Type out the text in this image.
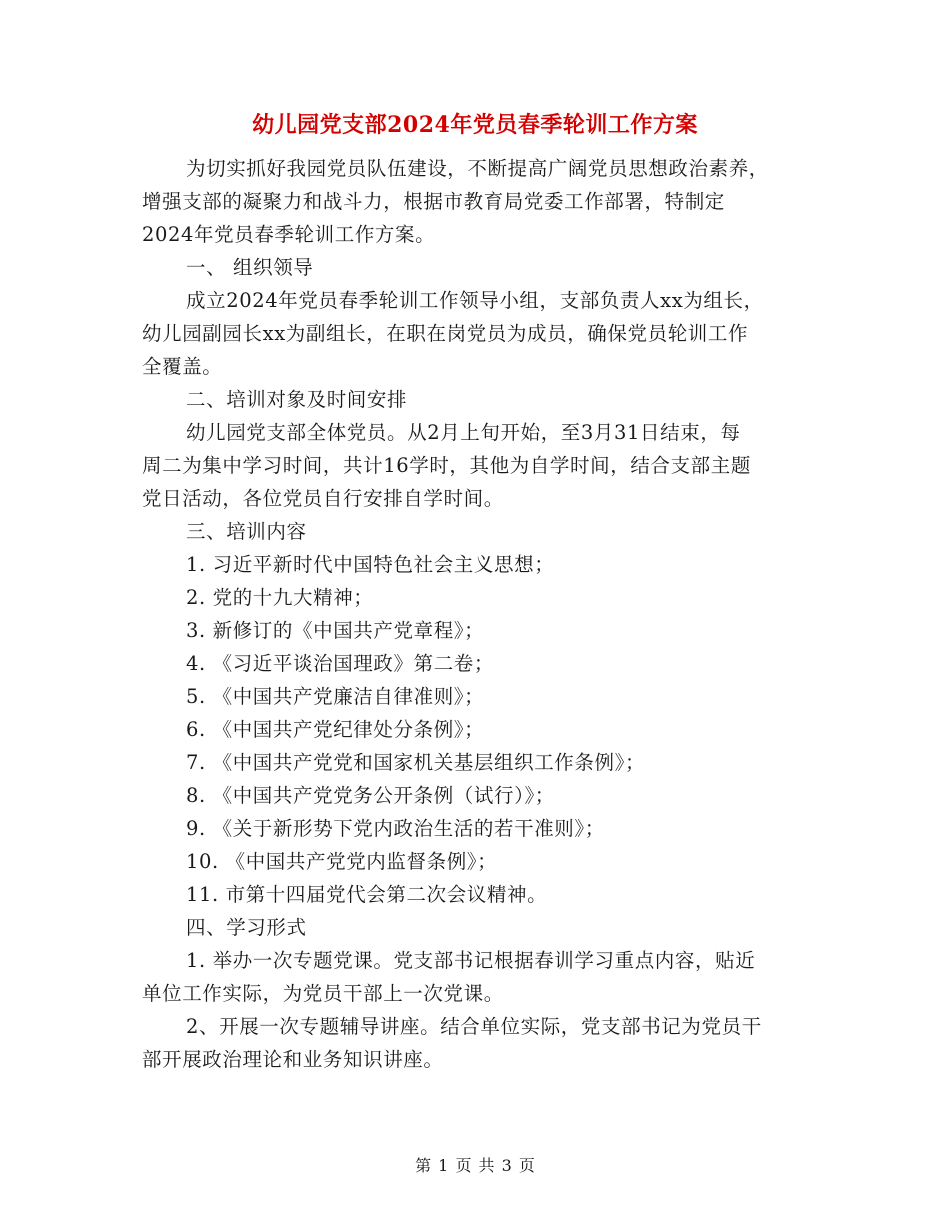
幼儿园党支部2024年党员春季轮训工作方案
为切实抓好我园党员队伍建设，不断提高广阔党员思想政治素养，
增强支部的凝聚力和战斗力，根据市教育局党委工作部署，特制定
2024年党员春季轮训工作方案。
一、 组织领导
成立2024年党员春季轮训工作领导小组，支部负责人xx为组长，
幼儿园副园长xx为副组长，在职在岗党员为成员，确保党员轮训工作
全覆盖。
二、培训对象及时间安排
幼儿园党支部全体党员。从2月上旬开始，至3月31日结束，每
周二为集中学习时间，共计16学时，其他为自学时间，结合支部主题
党日活动，各位党员自行安排自学时间。
三、培训内容
1. 习近平新时代中国特色社会主义思想；
2. 党的十九大精神；
3. 新修订的《中国共产党章程》；
4. 《习近平谈治国理政》第二卷；
5. 《中国共产党廉洁自律准则》；
6. 《中国共产党纪律处分条例》；
7. 《中国共产党党和国家机关基层组织工作条例》；
8. 《中国共产党党务公开条例（试行）》；
9. 《关于新形势下党内政治生活的若干准则》；
10. 《中国共产党党内监督条例》；
11. 市第十四届党代会第二次会议精神。
四、学习形式
1. 举办一次专题党课。党支部书记根据春训学习重点内容，贴近
单位工作实际，为党员干部上一次党课。
2、开展一次专题辅导讲座。结合单位实际，党支部书记为党员干
部开展政治理论和业务知识讲座。
第 1 页 共 3 页
